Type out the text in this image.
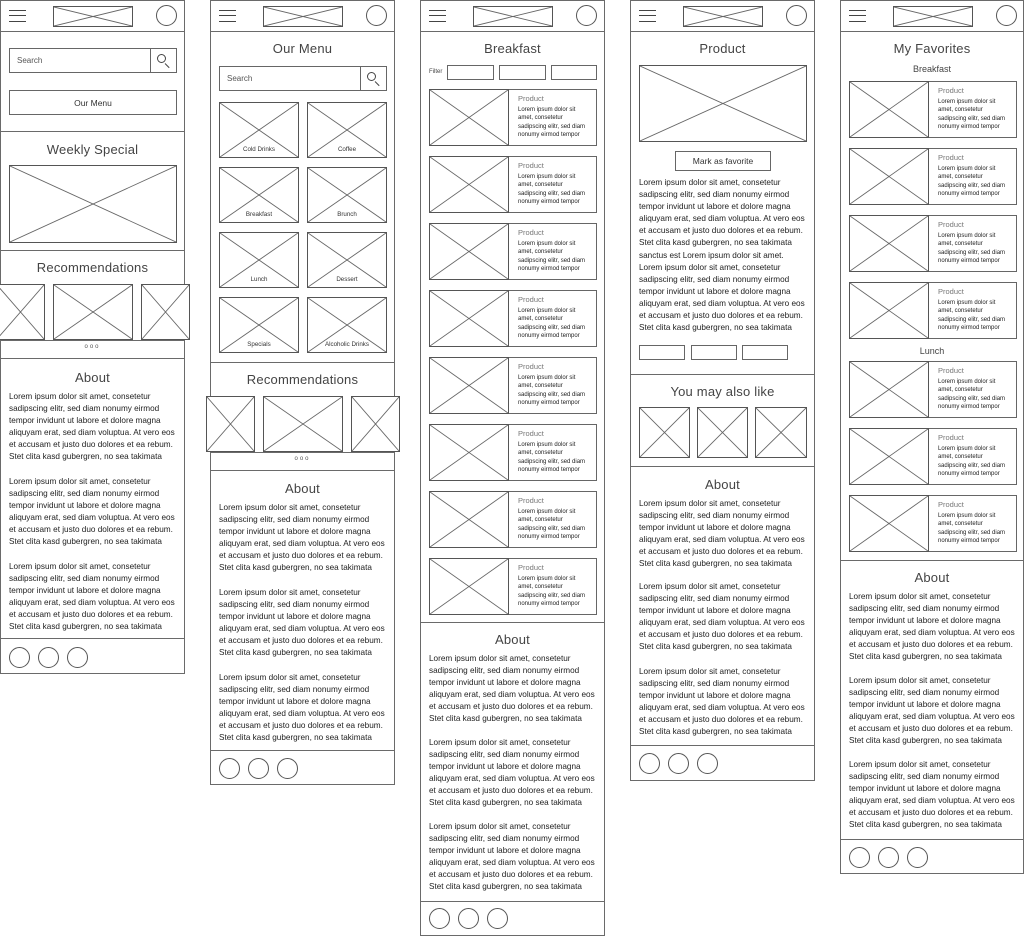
Search
Our Menu
Weekly Special
Recommendations
ooo
About
Lorem ipsum dolor sit amet, consetetur sadipscing elitr, sed diam nonumy eirmod tempor invidunt ut labore et dolore magna aliquyam erat, sed diam voluptua. At vero eos et accusam et justo duo dolores et ea rebum. Stet clita kasd gubergren, no sea takimata
Lorem ipsum dolor sit amet, consetetur sadipscing elitr, sed diam nonumy eirmod tempor invidunt ut labore et dolore magna aliquyam erat, sed diam voluptua. At vero eos et accusam et justo duo dolores et ea rebum. Stet clita kasd gubergren, no sea takimata
Lorem ipsum dolor sit amet, consetetur sadipscing elitr, sed diam nonumy eirmod tempor invidunt ut labore et dolore magna aliquyam erat, sed diam voluptua. At vero eos et accusam et justo duo dolores et ea rebum. Stet clita kasd gubergren, no sea takimata
Our Menu
Search
Cold Drinks	Coffee
Breakfast	Brunch
Lunch	Dessert
Specials	Alcoholic Drinks
Recommendations
ooo
About
Lorem ipsum dolor sit amet, consetetur sadipscing elitr, sed diam nonumy eirmod tempor invidunt ut labore et dolore magna aliquyam erat, sed diam voluptua. At vero eos et accusam et justo duo dolores et ea rebum. Stet clita kasd gubergren, no sea takimata
Lorem ipsum dolor sit amet, consetetur sadipscing elitr, sed diam nonumy eirmod tempor invidunt ut labore et dolore magna aliquyam erat, sed diam voluptua. At vero eos et accusam et justo duo dolores et ea rebum. Stet clita kasd gubergren, no sea takimata
Lorem ipsum dolor sit amet, consetetur sadipscing elitr, sed diam nonumy eirmod tempor invidunt ut labore et dolore magna aliquyam erat, sed diam voluptua. At vero eos et accusam et justo duo dolores et ea rebum. Stet clita kasd gubergren, no sea takimata
Breakfast
Filter
Product
Lorem ipsum dolor sit amet, consetetur sadipscing elitr, sed diam nonumy eirmod tempor
Product
Lorem ipsum dolor sit amet, consetetur sadipscing elitr, sed diam nonumy eirmod tempor
Product
Lorem ipsum dolor sit amet, consetetur sadipscing elitr, sed diam nonumy eirmod tempor
Product
Lorem ipsum dolor sit amet, consetetur sadipscing elitr, sed diam nonumy eirmod tempor
Product
Lorem ipsum dolor sit amet, consetetur sadipscing elitr, sed diam nonumy eirmod tempor
Product
Lorem ipsum dolor sit amet, consetetur sadipscing elitr, sed diam nonumy eirmod tempor
Product
Lorem ipsum dolor sit amet, consetetur sadipscing elitr, sed diam nonumy eirmod tempor
Product
Lorem ipsum dolor sit amet, consetetur sadipscing elitr, sed diam nonumy eirmod tempor
About
Lorem ipsum dolor sit amet, consetetur sadipscing elitr, sed diam nonumy eirmod tempor invidunt ut labore et dolore magna aliquyam erat, sed diam voluptua. At vero eos et accusam et justo duo dolores et ea rebum. Stet clita kasd gubergren, no sea takimata
Lorem ipsum dolor sit amet, consetetur sadipscing elitr, sed diam nonumy eirmod tempor invidunt ut labore et dolore magna aliquyam erat, sed diam voluptua. At vero eos et accusam et justo duo dolores et ea rebum. Stet clita kasd gubergren, no sea takimata
Lorem ipsum dolor sit amet, consetetur sadipscing elitr, sed diam nonumy eirmod tempor invidunt ut labore et dolore magna aliquyam erat, sed diam voluptua. At vero eos et accusam et justo duo dolores et ea rebum. Stet clita kasd gubergren, no sea takimata
Product
Mark as favorite
Lorem ipsum dolor sit amet, consetetur sadipscing elitr, sed diam nonumy eirmod tempor invidunt ut labore et dolore magna aliquyam erat, sed diam voluptua. At vero eos et accusam et justo duo dolores et ea rebum. Stet clita kasd gubergren, no sea takimata sanctus est Lorem ipsum dolor sit amet. Lorem ipsum dolor sit amet, consetetur sadipscing elitr, sed diam nonumy eirmod tempor invidunt ut labore et dolore magna aliquyam erat, sed diam voluptua. At vero eos et accusam et justo duo dolores et ea rebum. Stet clita kasd gubergren, no sea takimata
You may also like
About
Lorem ipsum dolor sit amet, consetetur sadipscing elitr, sed diam nonumy eirmod tempor invidunt ut labore et dolore magna aliquyam erat, sed diam voluptua. At vero eos et accusam et justo duo dolores et ea rebum. Stet clita kasd gubergren, no sea takimata
Lorem ipsum dolor sit amet, consetetur sadipscing elitr, sed diam nonumy eirmod tempor invidunt ut labore et dolore magna aliquyam erat, sed diam voluptua. At vero eos et accusam et justo duo dolores et ea rebum. Stet clita kasd gubergren, no sea takimata
Lorem ipsum dolor sit amet, consetetur sadipscing elitr, sed diam nonumy eirmod tempor invidunt ut labore et dolore magna aliquyam erat, sed diam voluptua. At vero eos et accusam et justo duo dolores et ea rebum. Stet clita kasd gubergren, no sea takimata
My Favorites
Breakfast
Product
Lorem ipsum dolor sit amet, consetetur sadipscing elitr, sed diam nonumy eirmod tempor
Product
Lorem ipsum dolor sit amet, consetetur sadipscing elitr, sed diam nonumy eirmod tempor
Product
Lorem ipsum dolor sit amet, consetetur sadipscing elitr, sed diam nonumy eirmod tempor
Product
Lorem ipsum dolor sit amet, consetetur sadipscing elitr, sed diam nonumy eirmod tempor
Lunch
Product
Lorem ipsum dolor sit amet, consetetur sadipscing elitr, sed diam nonumy eirmod tempor
Product
Lorem ipsum dolor sit amet, consetetur sadipscing elitr, sed diam nonumy eirmod tempor
Product
Lorem ipsum dolor sit amet, consetetur sadipscing elitr, sed diam nonumy eirmod tempor
About
Lorem ipsum dolor sit amet, consetetur sadipscing elitr, sed diam nonumy eirmod tempor invidunt ut labore et dolore magna aliquyam erat, sed diam voluptua. At vero eos et accusam et justo duo dolores et ea rebum. Stet clita kasd gubergren, no sea takimata
Lorem ipsum dolor sit amet, consetetur sadipscing elitr, sed diam nonumy eirmod tempor invidunt ut labore et dolore magna aliquyam erat, sed diam voluptua. At vero eos et accusam et justo duo dolores et ea rebum. Stet clita kasd gubergren, no sea takimata
Lorem ipsum dolor sit amet, consetetur sadipscing elitr, sed diam nonumy eirmod tempor invidunt ut labore et dolore magna aliquyam erat, sed diam voluptua. At vero eos et accusam et justo duo dolores et ea rebum. Stet clita kasd gubergren, no sea takimata
